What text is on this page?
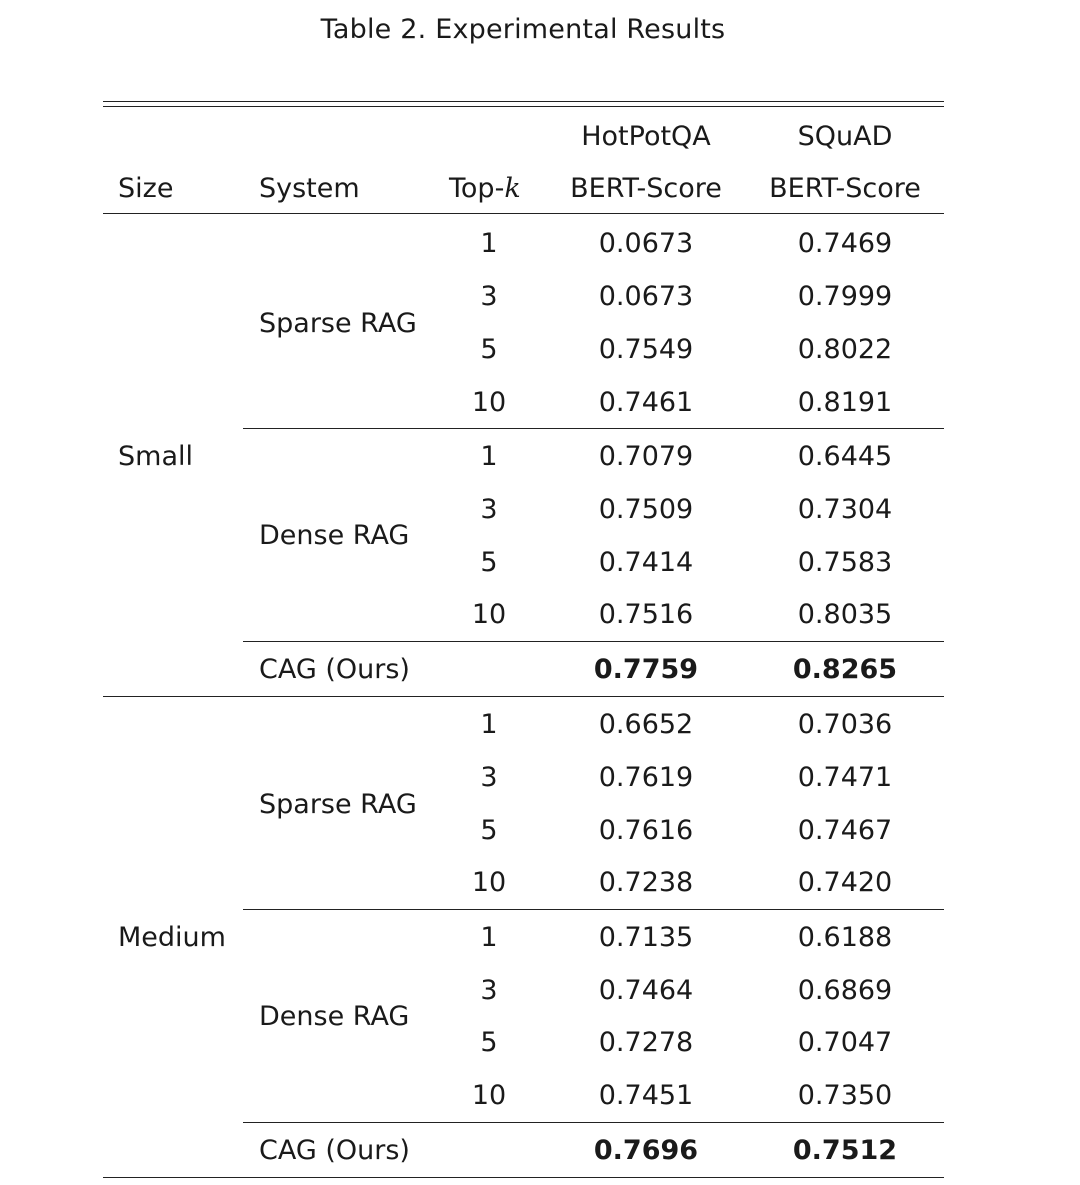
Table 2. Experimental Results
HotPotQA	SQuAD
Size	System	Top-k	BERT-Score	BERT-Score
Small
Sparse RAG
1	0.0673	0.7469
3	0.0673	0.7999
5	0.7549	0.8022
10	0.7461	0.8191
Dense RAG
1	0.7079	0.6445
3	0.7509	0.7304
5	0.7414	0.7583
10	0.7516	0.8035
CAG (Ours)	0.7759	0.8265
Medium
Sparse RAG
1	0.6652	0.7036
3	0.7619	0.7471
5	0.7616	0.7467
10	0.7238	0.7420
Dense RAG
1	0.7135	0.6188
3	0.7464	0.6869
5	0.7278	0.7047
10	0.7451	0.7350
CAG (Ours)	0.7696	0.7512
